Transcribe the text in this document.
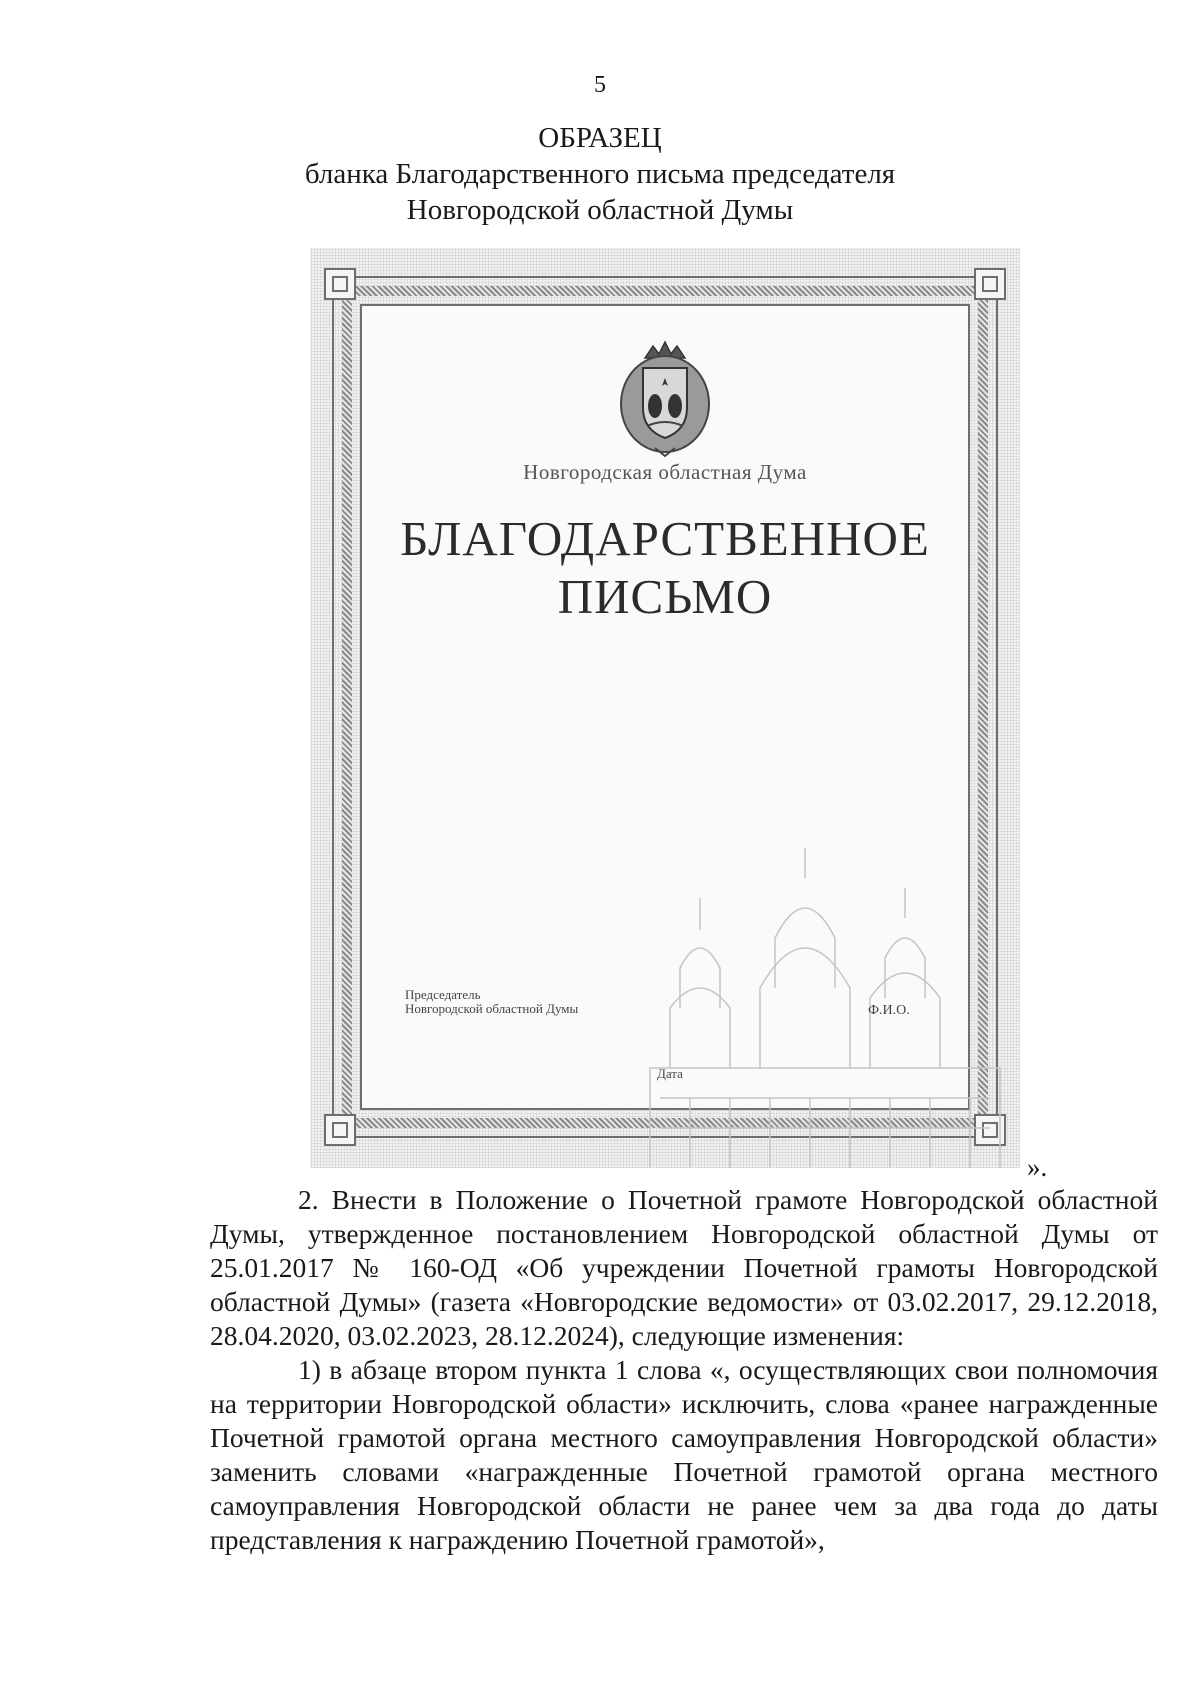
5
ОБРАЗЕЦ
бланка Благодарственного письма председателя
Новгородской областной Думы
Новгородская областная Дума
БЛАГОДАРСТВЕННОЕ
ПИСЬМО
Председатель
Новгородской областной Думы	Ф.И.О.
Дата
».

2. Внести в Положение о Почетной грамоте Новгородской областной Думы, утвержденное постановлением Новгородской областной Думы от 25.01.2017 № 160-ОД «Об учреждении Почетной грамоты Новгородской областной Думы» (газета «Новгородские ведомости» от 03.02.2017, 29.12.2018, 28.04.2020, 03.02.2023, 28.12.2024), следующие изменения:

1) в абзаце втором пункта 1 слова «, осуществляющих свои полномочия на территории Новгородской области» исключить, слова «ранее награжденные Почетной грамотой органа местного самоуправления Новгородской области» заменить словами «награжденные Почетной грамотой органа местного самоуправления Новгородской области не ранее чем за два года до даты представления к награждению Почетной грамотой»,
